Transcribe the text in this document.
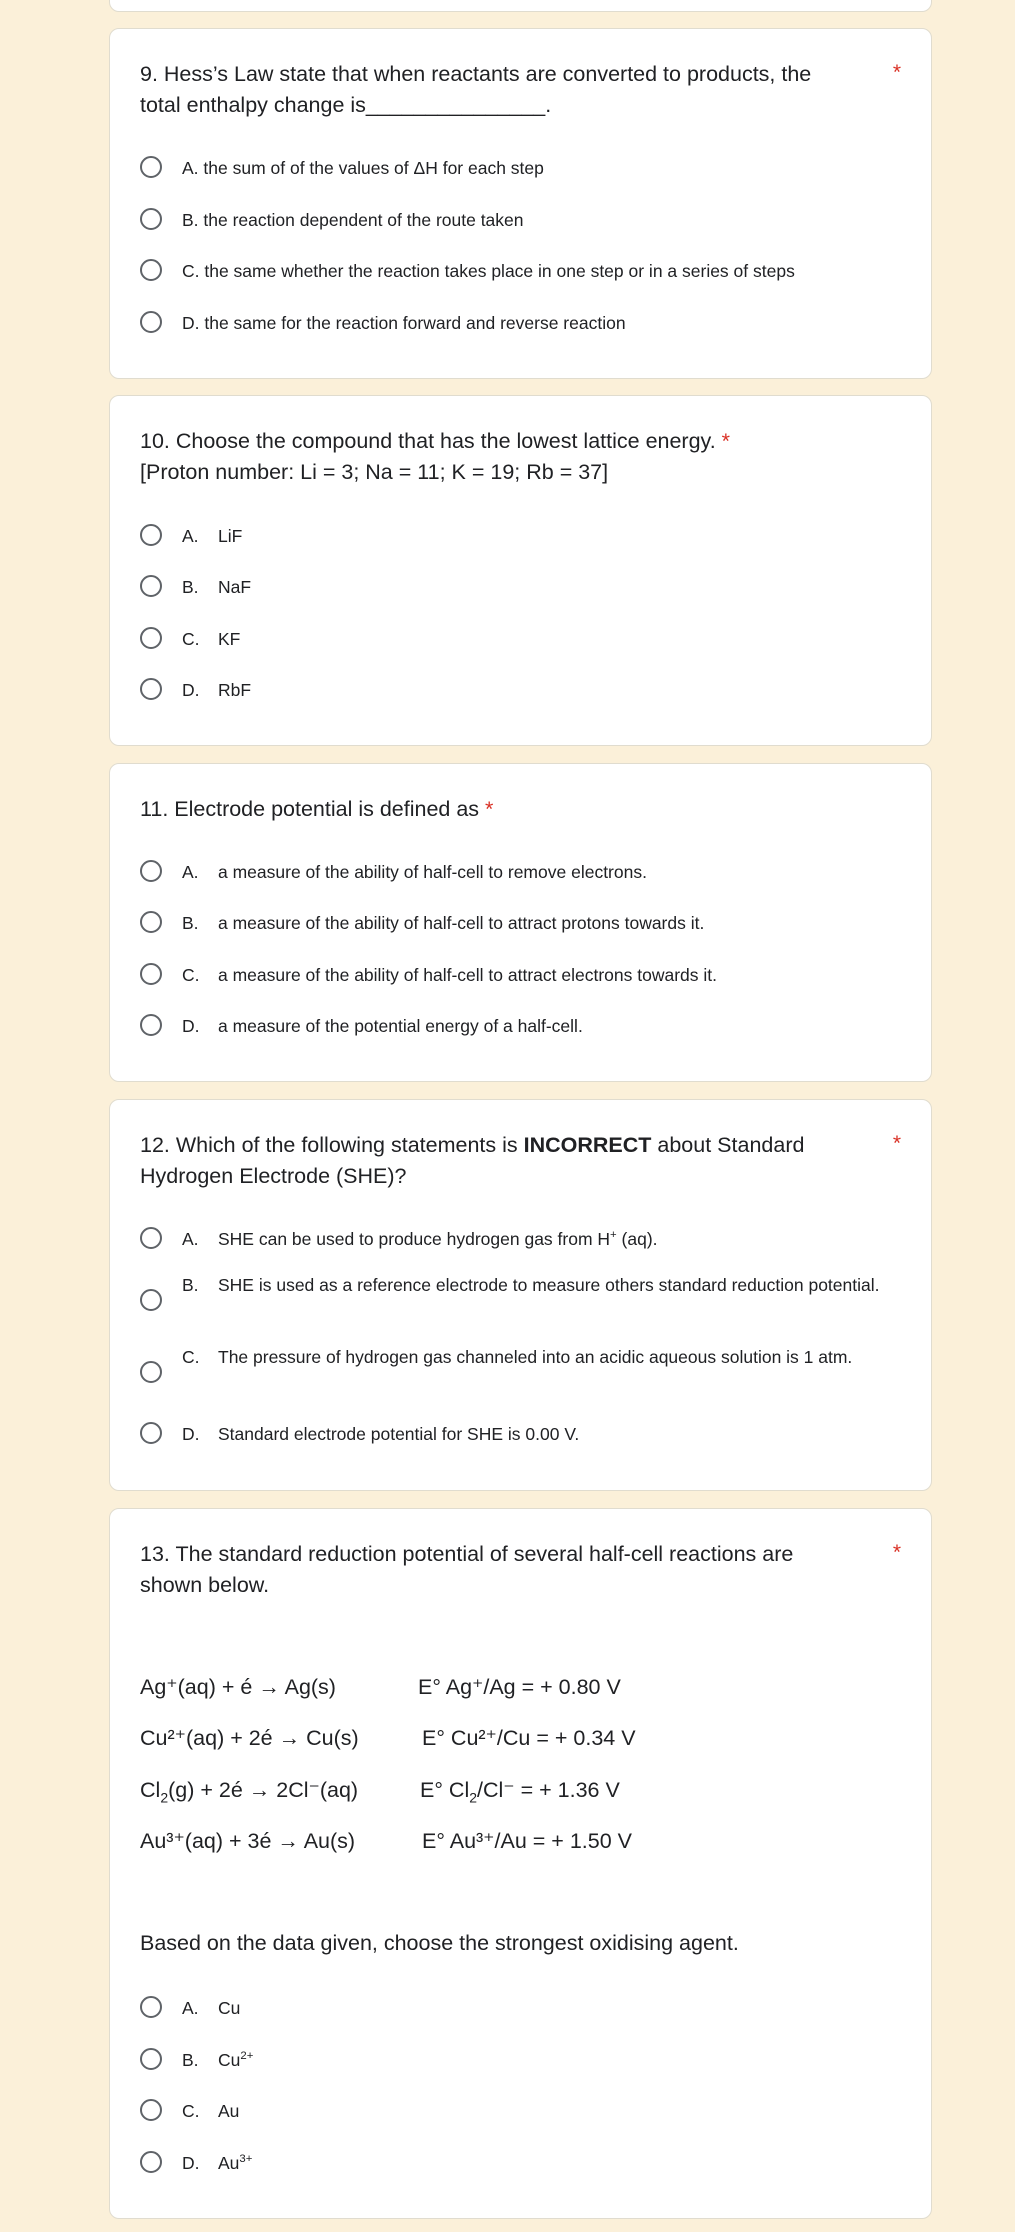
9. Hess’s Law state that when reactants are converted to products, the
total enthalpy change is_______________.
*
A. the sum of of the values of ΔH for each step
B. the reaction dependent of the route taken
C. the same whether the reaction takes place in one step or in a series of steps
D. the same for the reaction forward and reverse reaction
10. Choose the compound that has the lowest lattice energy. *
[Proton number: Li = 3; Na = 11; K = 19; Rb = 37]
A. LiF
B. NaF
C. KF
D. RbF
11. Electrode potential is defined as *
A. a measure of the ability of half-cell to remove electrons.
B. a measure of the ability of half-cell to attract protons towards it.
C. a measure of the ability of half-cell to attract electrons towards it.
D. a measure of the potential energy of a half-cell.
12. Which of the following statements is INCORRECT about Standard
Hydrogen Electrode (SHE)?
*
A. SHE can be used to produce hydrogen gas from H+ (aq).
B. SHE is used as a reference electrode to measure others standard reduction potential.
C. The pressure of hydrogen gas channeled into an acidic aqueous solution is 1 atm.
D. Standard electrode potential for SHE is 0.00 V.
13. The standard reduction potential of several half-cell reactions are
shown below.
*
Ag⁺(aq) + é → Ag(s)	E° Ag⁺/Ag = + 0.80 V
Cu²⁺(aq) + 2é → Cu(s)	E° Cu²⁺/Cu = + 0.34 V
$Cl_2(g)$ + 2é → 2Cl⁻(aq)	E° $Cl_2/Cl^-$ = + 1.36 V
Au³⁺(aq) + 3é → Au(s)	E° Au³⁺/Au = + 1.50 V
Based on the data given, choose the strongest oxidising agent.
A. Cu
B. $Cu^{2+}$
C. Au
D. $Au^{3+}$
